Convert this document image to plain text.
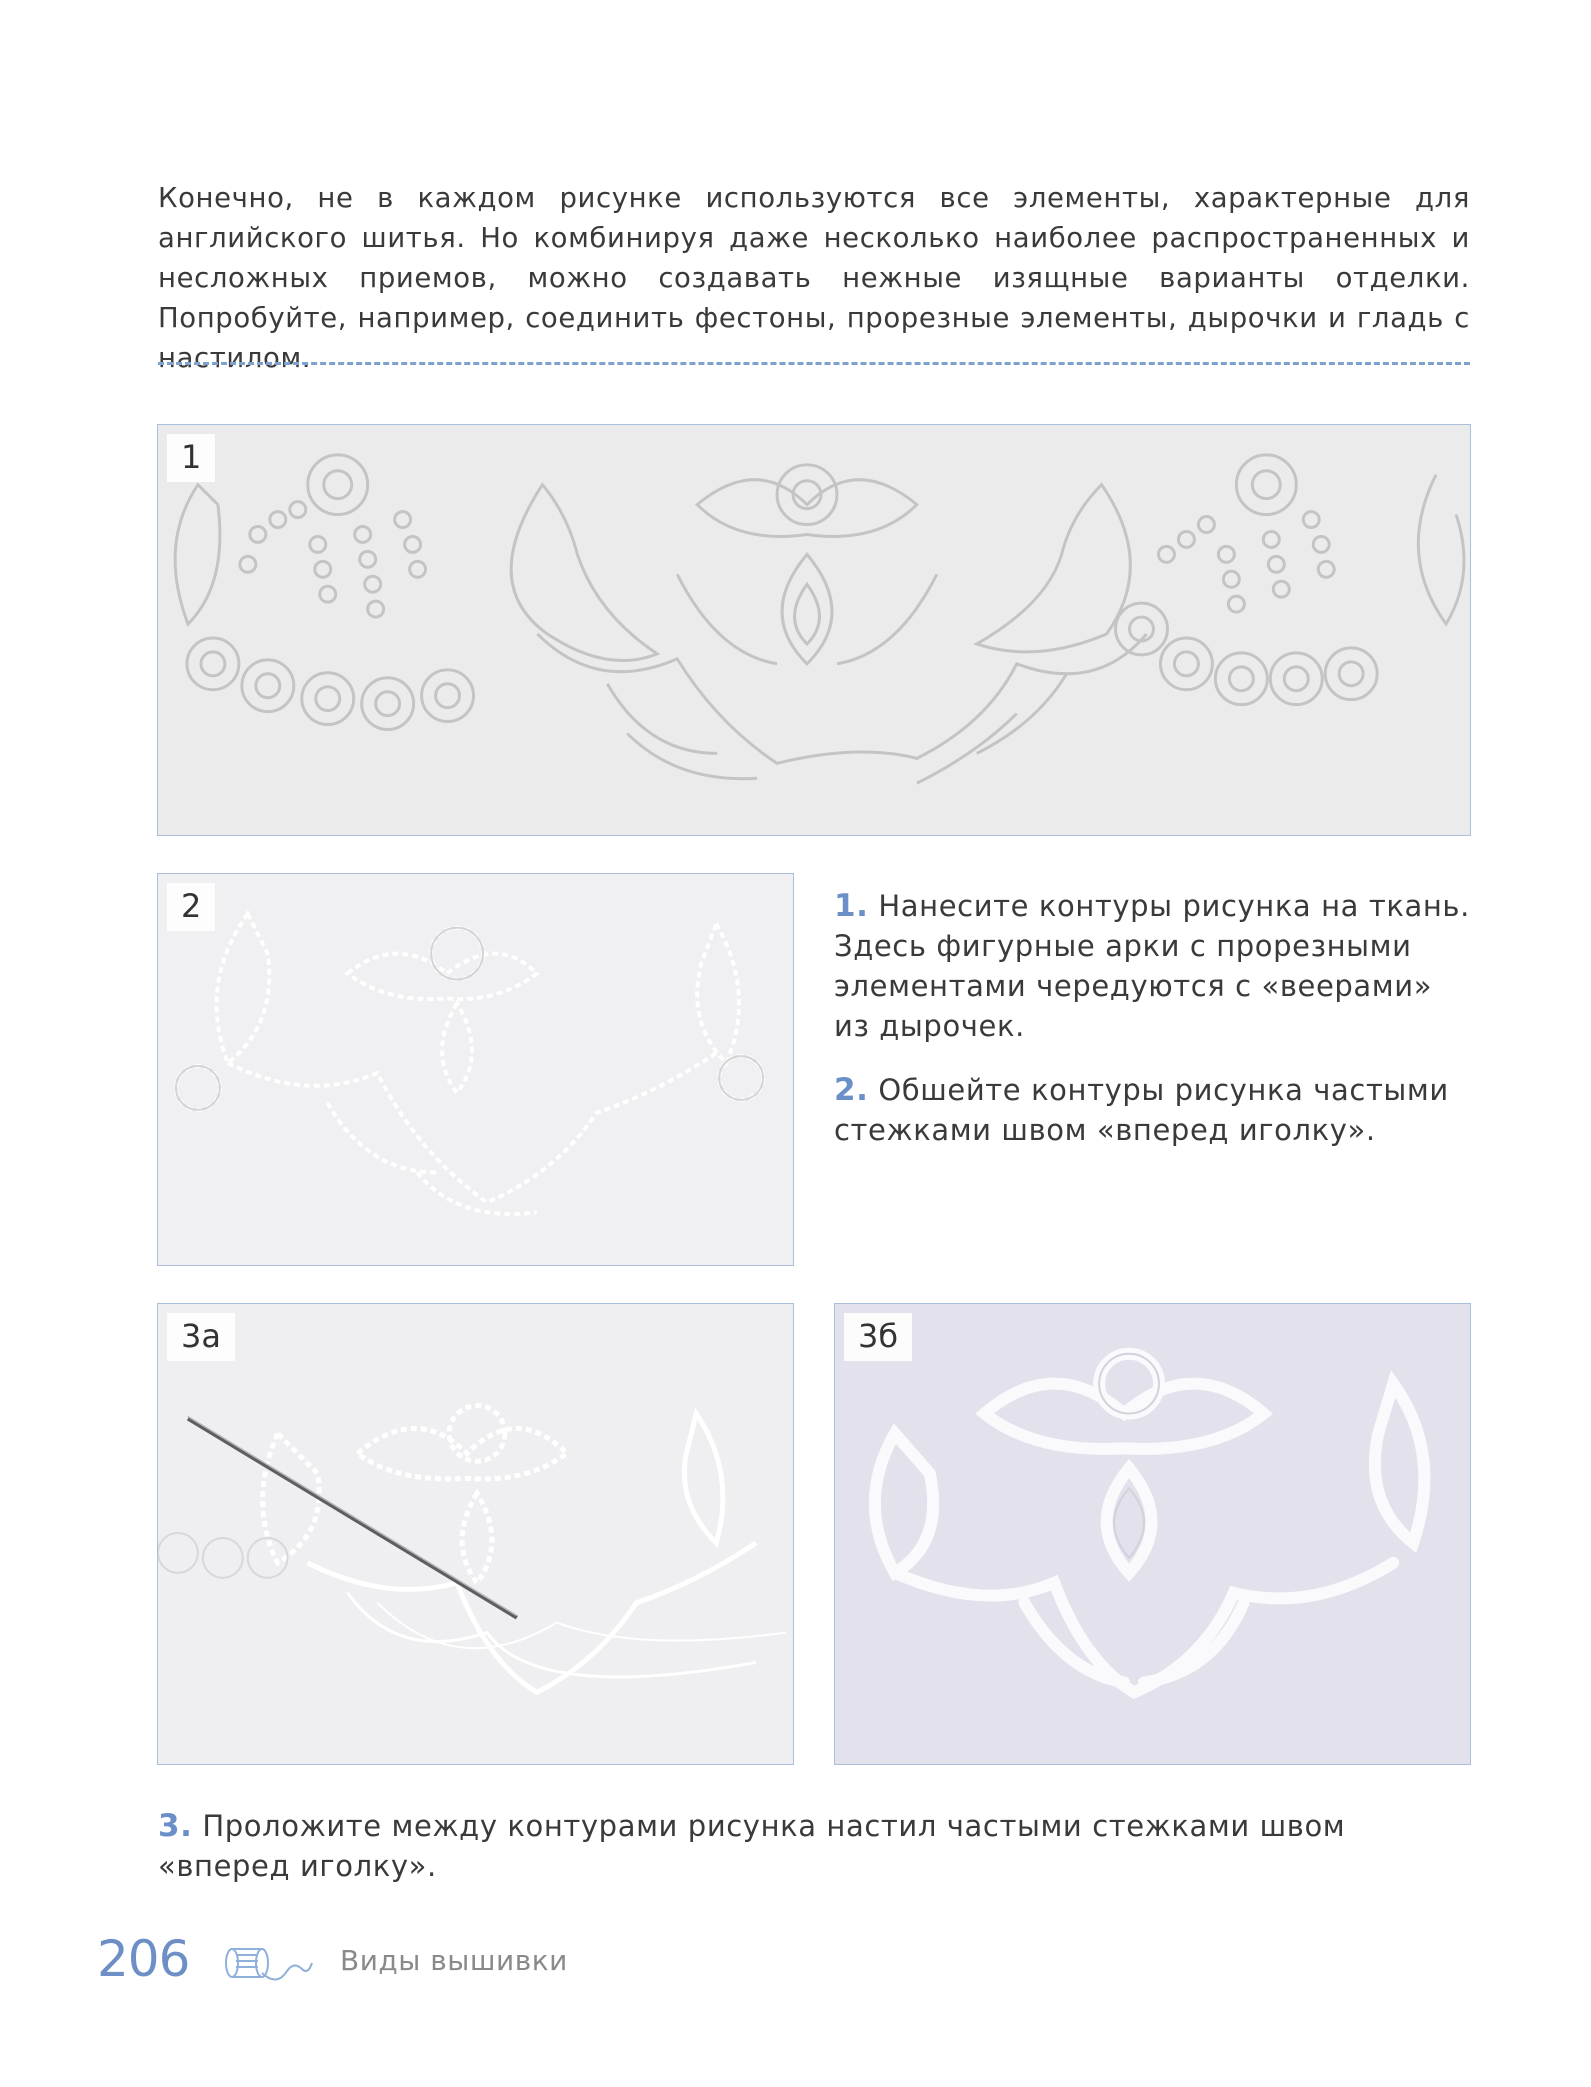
Конечно, не в каждом рисунке используются все элементы, характерные для английского шитья. Но комбинируя даже несколько наиболее распространенных и несложных приемов, можно создавать нежные изящные варианты отделки. Попробуйте, например, соединить фестоны, прорезные элементы, дырочки и гладь с настилом.

1
2	1. Нанесите контуры рисунка на ткань. Здесь фигурные арки с прорезными элементами чередуются с «веерами» из дырочек.

2. Обшейте контуры рисунка частыми стежками швом «вперед иголку».

3а	3б

3. Проложите между контурами рисунка настил частыми стежками швом «вперед иголку».

206	Виды вышивки
